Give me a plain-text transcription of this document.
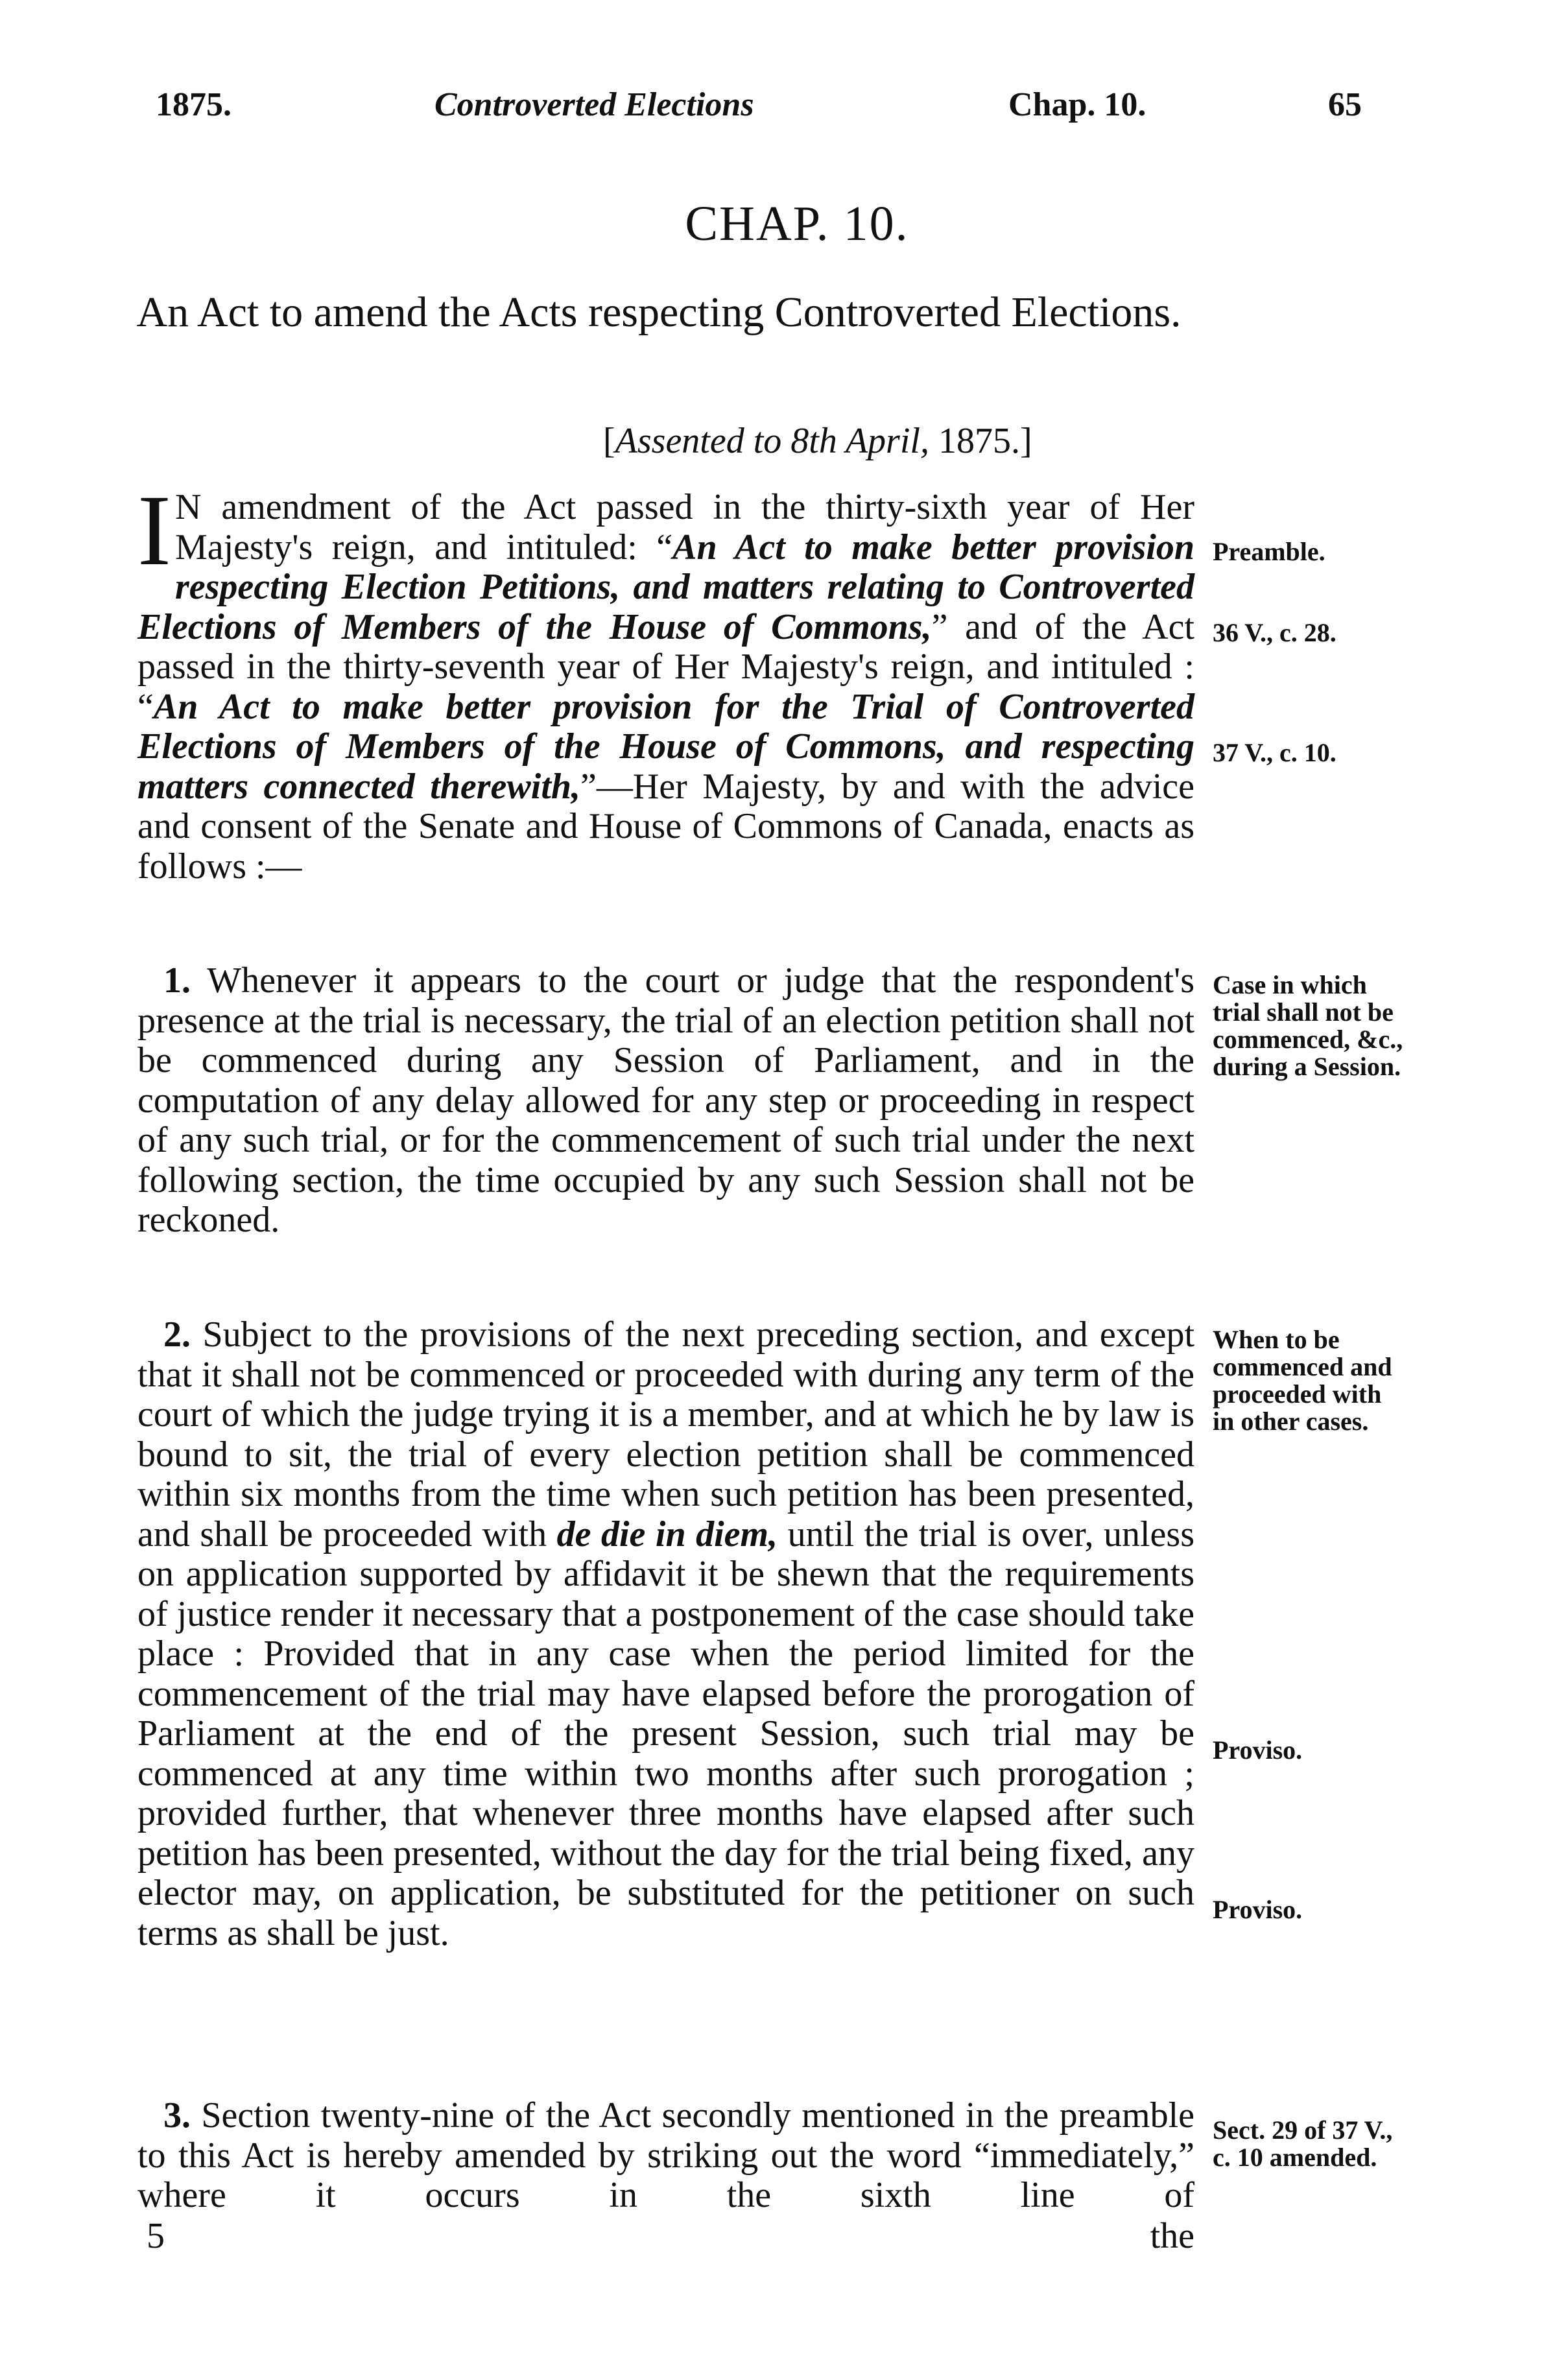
1875.	Controverted Elections	Chap. 10.	65
CHAP. 10.
An Act to amend the Acts respecting Controverted Elections.
[Assented to 8th April, 1875.]

I N amendment of the Act passed in the thirty-sixth year of Her Majesty's reign, and intituled: “An Act to make better provision respecting Election Petitions, and matters relating to Controverted Elections of Members of the House of Commons,” and of the Act passed in the thirty-seventh year of Her Majesty's reign, and intituled : “An Act to make better provision for the Trial of Controverted Elections of Members of the House of Commons, and respecting matters connected therewith,”—Her Majesty, by and with the advice and consent of the Senate and House of Commons of Canada, enacts as follows :—

1. Whenever it appears to the court or judge that the respondent's presence at the trial is necessary, the trial of an election petition shall not be commenced during any Session of Parliament, and in the computation of any delay allowed for any step or proceeding in respect of any such trial, or for the commencement of such trial under the next following section, the time occupied by any such Session shall not be reckoned.

2. Subject to the provisions of the next preceding section, and except that it shall not be commenced or proceeded with during any term of the court of which the judge trying it is a member, and at which he by law is bound to sit, the trial of every election petition shall be commenced within six months from the time when such petition has been presented, and shall be proceeded with de die in diem, until the trial is over, unless on application supported by affidavit it be shewn that the requirements of justice render it necessary that a postponement of the case should take place : Provided that in any case when the period limited for the commencement of the trial may have elapsed before the prorogation of Parliament at the end of the present Session, such trial may be commenced at any time within two months after such prorogation ; provided further, that whenever three months have elapsed after such petition has been presented, without the day for the trial being fixed, any elector may, on application, be substituted for the petitioner on such terms as shall be just.

3. Section twenty-nine of the Act secondly mentioned in the preamble to this Act is hereby amended by striking out the word “immediately,” where it occurs in the sixth line of

5	the
Preamble.
36 V., c. 28.
37 V., c. 10.
Case in which trial shall not be commenced, &c., during a Session.
When to be commenced and proceeded with in other cases.
Proviso.
Proviso.
Sect. 29 of 37 V., c. 10 amended.
